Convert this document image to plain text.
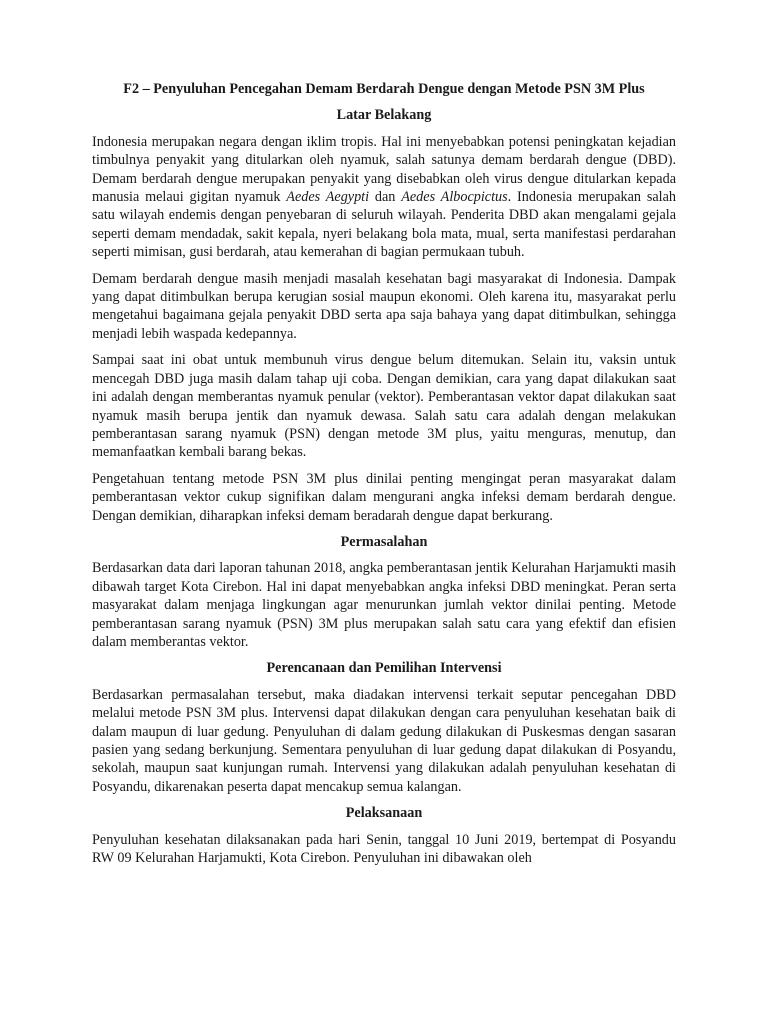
F2 – Penyuluhan Pencegahan Demam Berdarah Dengue dengan Metode PSN 3M Plus
Latar Belakang

Indonesia merupakan negara dengan iklim tropis. Hal ini menyebabkan potensi peningkatan kejadian timbulnya penyakit yang ditularkan oleh nyamuk, salah satunya demam berdarah dengue (DBD). Demam berdarah dengue merupakan penyakit yang disebabkan oleh virus dengue ditularkan kepada manusia melaui gigitan nyamuk Aedes Aegypti dan Aedes Albocpictus. Indonesia merupakan salah satu wilayah endemis dengan penyebaran di seluruh wilayah. Penderita DBD akan mengalami gejala seperti demam mendadak, sakit kepala, nyeri belakang bola mata, mual, serta manifestasi perdarahan seperti mimisan, gusi berdarah, atau kemerahan di bagian permukaan tubuh.

Demam berdarah dengue masih menjadi masalah kesehatan bagi masyarakat di Indonesia. Dampak yang dapat ditimbulkan berupa kerugian sosial maupun ekonomi. Oleh karena itu, masyarakat perlu mengetahui bagaimana gejala penyakit DBD serta apa saja bahaya yang dapat ditimbulkan, sehingga menjadi lebih waspada kedepannya.

Sampai saat ini obat untuk membunuh virus dengue belum ditemukan. Selain itu, vaksin untuk mencegah DBD juga masih dalam tahap uji coba. Dengan demikian, cara yang dapat dilakukan saat ini adalah dengan memberantas nyamuk penular (vektor). Pemberantasan vektor dapat dilakukan saat nyamuk masih berupa jentik dan nyamuk dewasa. Salah satu cara adalah dengan melakukan pemberantasan sarang nyamuk (PSN) dengan metode 3M plus, yaitu menguras, menutup, dan memanfaatkan kembali barang bekas.

Pengetahuan tentang metode PSN 3M plus dinilai penting mengingat peran masyarakat dalam pemberantasan vektor cukup signifikan dalam mengurani angka infeksi demam berdarah dengue. Dengan demikian, diharapkan infeksi demam beradarah dengue dapat berkurang.

Permasalahan

Berdasarkan data dari laporan tahunan 2018, angka pemberantasan jentik Kelurahan Harjamukti masih dibawah target Kota Cirebon. Hal ini dapat menyebabkan angka infeksi DBD meningkat. Peran serta masyarakat dalam menjaga lingkungan agar menurunkan jumlah vektor dinilai penting. Metode pemberantasan sarang nyamuk (PSN) 3M plus merupakan salah satu cara yang efektif dan efisien dalam memberantas vektor.

Perencanaan dan Pemilihan Intervensi

Berdasarkan permasalahan tersebut, maka diadakan intervensi terkait seputar pencegahan DBD melalui metode PSN 3M plus. Intervensi dapat dilakukan dengan cara penyuluhan kesehatan baik di dalam maupun di luar gedung. Penyuluhan di dalam gedung dilakukan di Puskesmas dengan sasaran pasien yang sedang berkunjung. Sementara penyuluhan di luar gedung dapat dilakukan di Posyandu, sekolah, maupun saat kunjungan rumah. Intervensi yang dilakukan adalah penyuluhan kesehatan di Posyandu, dikarenakan peserta dapat mencakup semua kalangan.

Pelaksanaan

Penyuluhan kesehatan dilaksanakan pada hari Senin, tanggal 10 Juni 2019, bertempat di Posyandu RW 09 Kelurahan Harjamukti, Kota Cirebon. Penyuluhan ini dibawakan oleh
